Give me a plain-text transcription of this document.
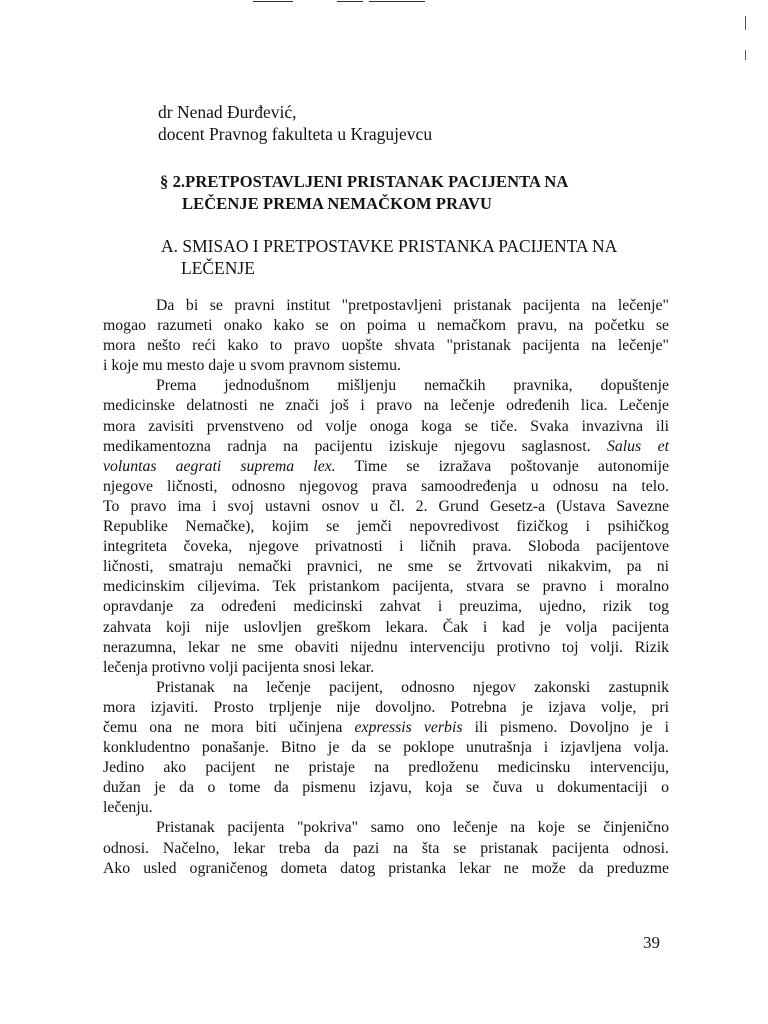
dr Nenad Đurđević,
docent Pravnog fakulteta u Kragujevcu
§ 2.PRETPOSTAVLJENI PRISTANAK PACIJENTA NA
LEČENJE PREMA NEMAČKOM PRAVU
A. SMISAO I PRETPOSTAVKE PRISTANKA PACIJENTA NA
LEČENJE
Da bi se pravni institut "pretpostavljeni pristanak pacijenta na lečenje"
mogao razumeti onako kako se on poima u nemačkom pravu, na početku se
mora nešto reći kako to pravo uopšte shvata "pristanak pacijenta na lečenje"
i koje mu mesto daje u svom pravnom sistemu.
Prema jednodušnom mišljenju nemačkih pravnika, dopuštenje
medicinske delatnosti ne znači još i pravo na lečenje određenih lica. Lečenje
mora zavisiti prvenstveno od volje onoga koga se tiče. Svaka invazivna ili
medikamentozna radnja na pacijentu iziskuje njegovu saglasnost. Salus et
voluntas aegrati suprema lex. Time se izražava poštovanje autonomije
njegove ličnosti, odnosno njegovog prava samoodređenja u odnosu na telo.
To pravo ima i svoj ustavni osnov u čl. 2. Grund Gesetz-a (Ustava Savezne
Republike Nemačke), kojim se jemči nepovredivost fizičkog i psihičkog
integriteta čoveka, njegove privatnosti i ličnih prava. Sloboda pacijentove
ličnosti, smatraju nemački pravnici, ne sme se žrtvovati nikakvim, pa ni
medicinskim ciljevima. Tek pristankom pacijenta, stvara se pravno i moralno
opravdanje za određeni medicinski zahvat i preuzima, ujedno, rizik tog
zahvata koji nije uslovljen greškom lekara. Čak i kad je volja pacijenta
nerazumna, lekar ne sme obaviti nijednu intervenciju protivno toj volji. Rizik
lečenja protivno volji pacijenta snosi lekar.
Pristanak na lečenje pacijent, odnosno njegov zakonski zastupnik
mora izjaviti. Prosto trpljenje nije dovoljno. Potrebna je izjava volje, pri
čemu ona ne mora biti učinjena expressis verbis ili pismeno. Dovoljno je i
konkludentno ponašanje. Bitno je da se poklope unutrašnja i izjavljena volja.
Jedino ako pacijent ne pristaje na predloženu medicinsku intervenciju,
dužan je da o tome da pismenu izjavu, koja se čuva u dokumentaciji o
lečenju.
Pristanak pacijenta "pokriva" samo ono lečenje na koje se činjenično
odnosi. Načelno, lekar treba da pazi na šta se pristanak pacijenta odnosi.
Ako usled ograničenog dometa datog pristanka lekar ne može da preduzme
39
